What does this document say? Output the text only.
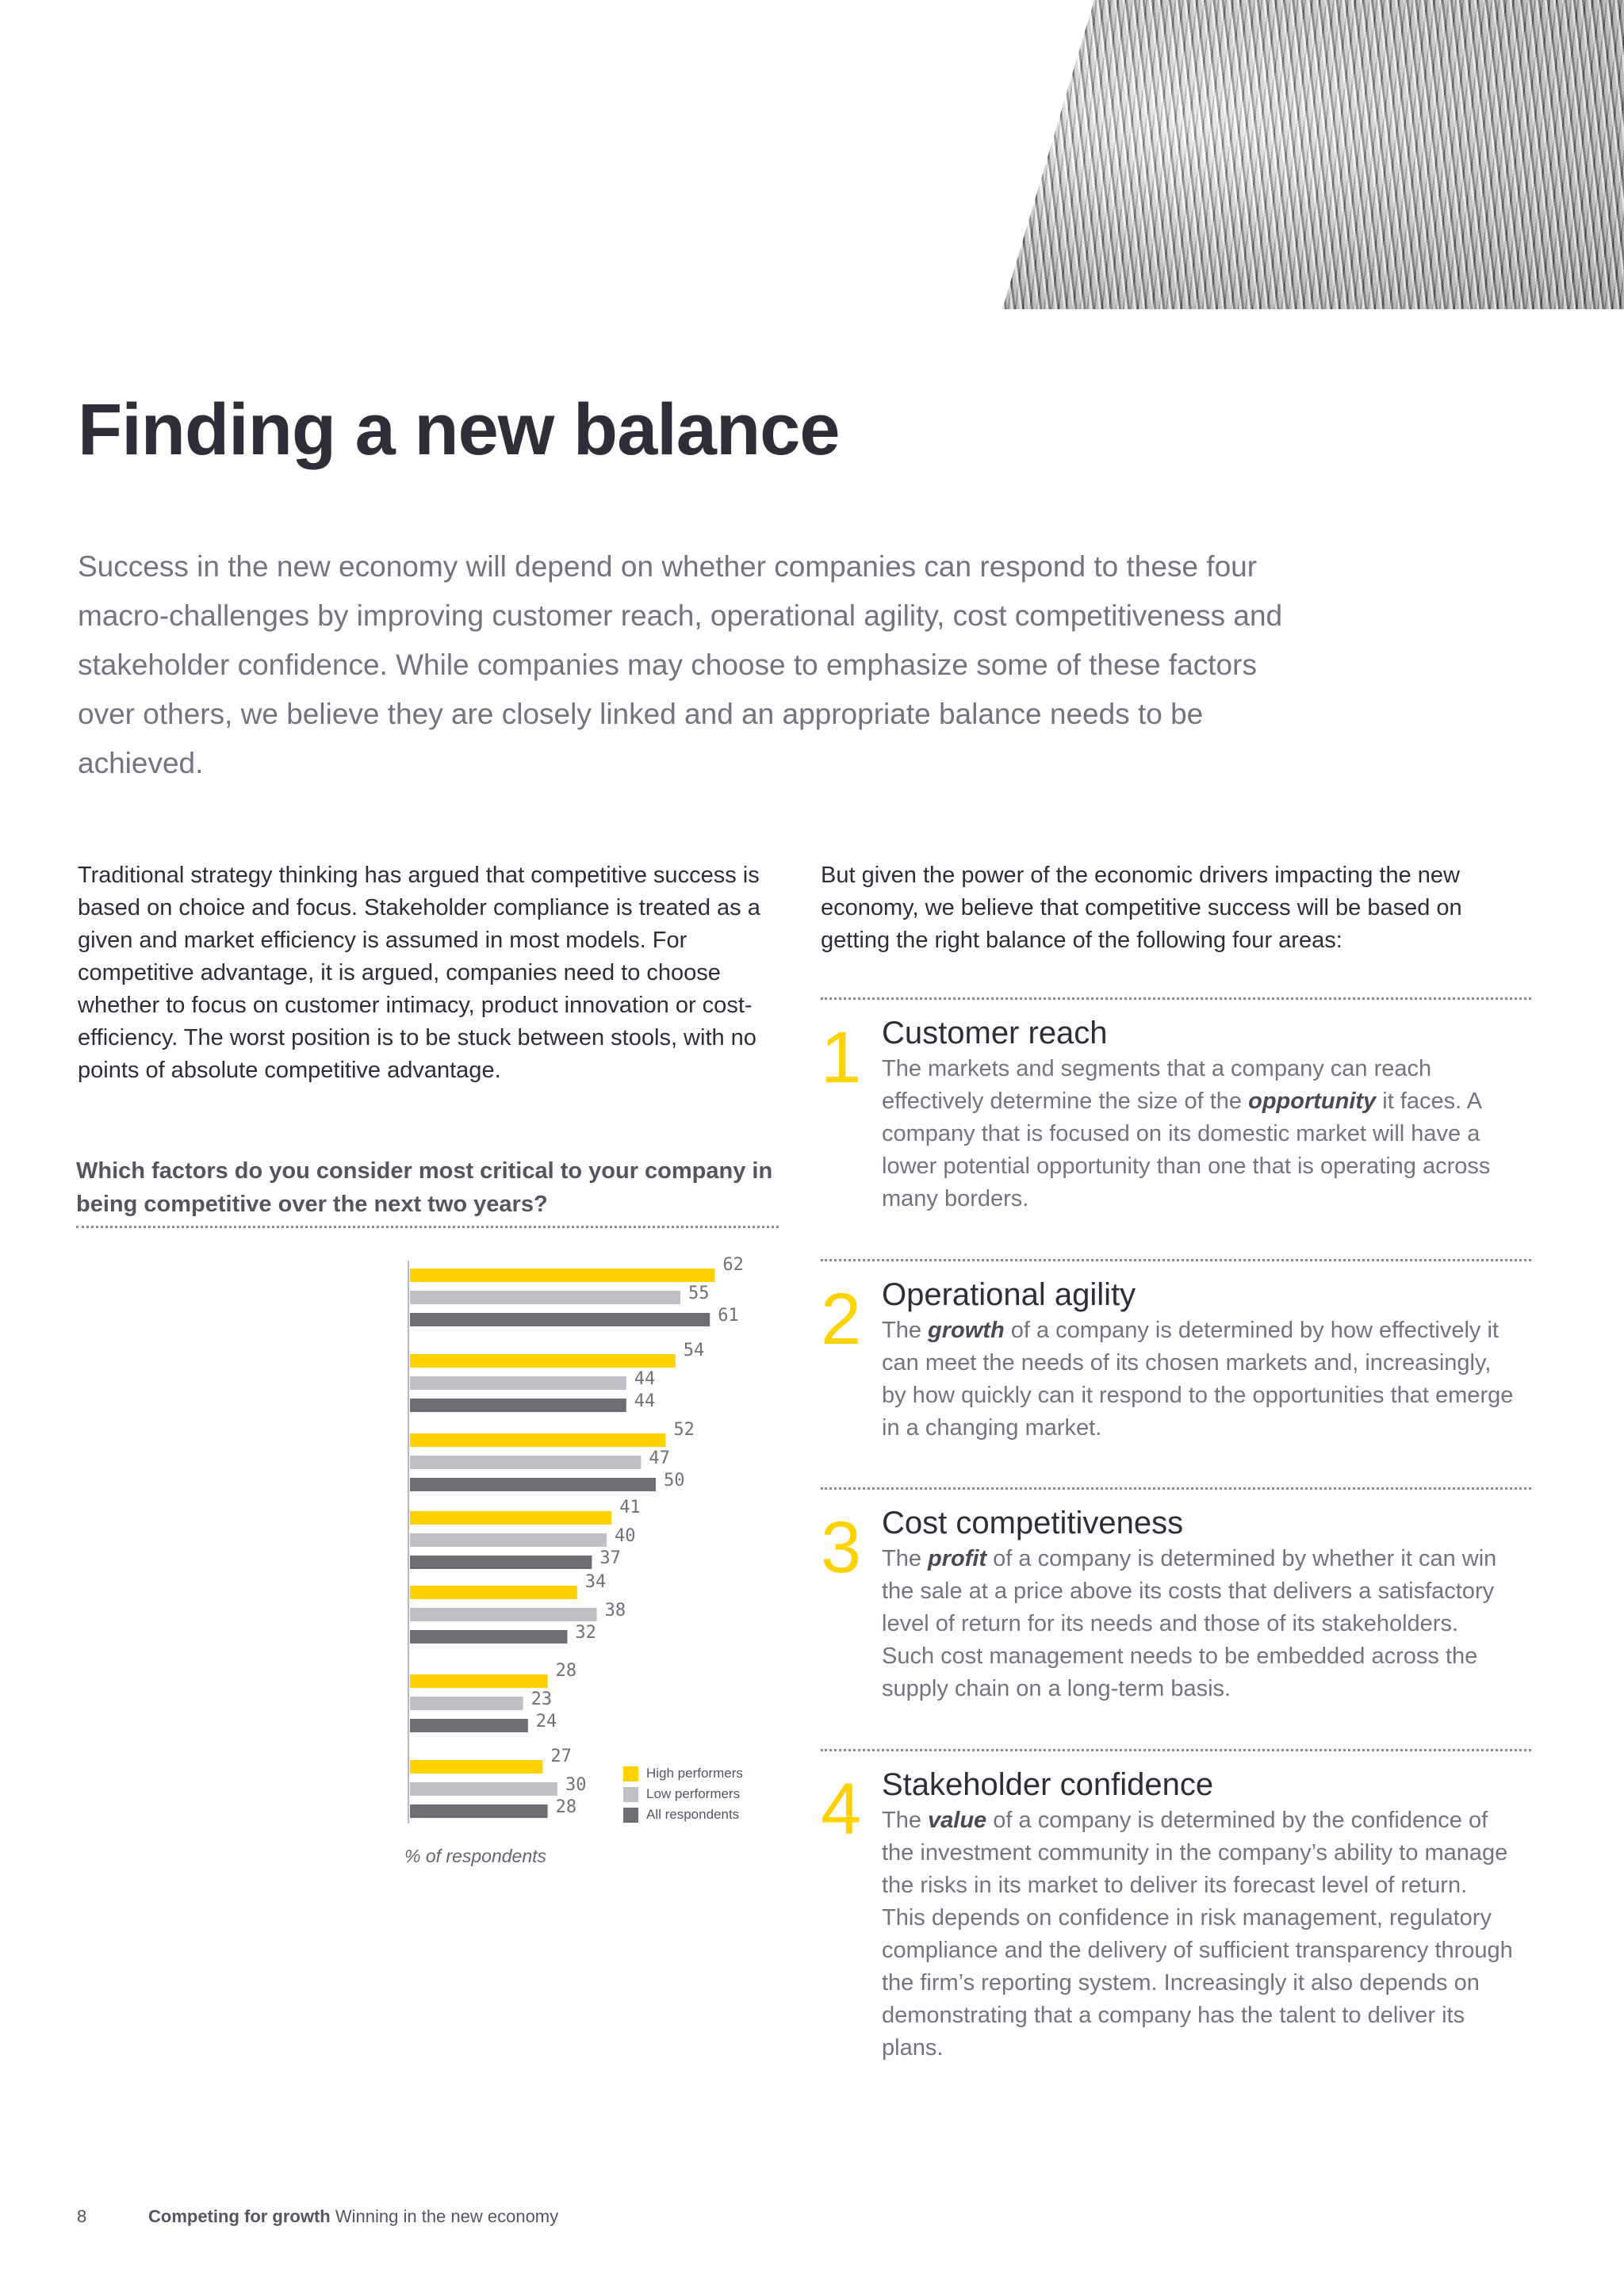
Finding a new balance
Success in the new economy will depend on whether companies can respond to these four macro-challenges by improving customer reach, operational agility, cost competitiveness and stakeholder confidence. While companies may choose to emphasize some of these factors over others, we believe they are closely linked and an appropriate balance needs to be achieved.
Traditional strategy thinking has argued that competitive success is based on choice and focus. Stakeholder compliance is treated as a given and market efficiency is assumed in most models. For competitive advantage, it is argued, companies need to choose whether to focus on customer intimacy, product innovation or cost-efficiency. The worst position is to be stuck between stools, with no points of absolute competitive advantage.
But given the power of the economic drivers impacting the new economy, we believe that competitive success will be based on getting the right balance of the following four areas:
Which factors do you consider most critical to your company in being competitive over the next two years?
62
55
61
54
44
44
52
47
50
41
40
37
34
38
32
28
23
24
27
30
28
High performers
Low performers
All respondents
% of respondents
1 Customer reach
The markets and segments that a company can reach effectively determine the size of the opportunity it faces. A company that is focused on its domestic market will have a lower potential opportunity than one that is operating across many borders.
2 Operational agility
The growth of a company is determined by how effectively it can meet the needs of its chosen markets and, increasingly, by how quickly can it respond to the opportunities that emerge in a changing market.
3 Cost competitiveness
The profit of a company is determined by whether it can win the sale at a price above its costs that delivers a satisfactory level of return for its needs and those of its stakeholders. Such cost management needs to be embedded across the supply chain on a long-term basis.
4 Stakeholder confidence
The value of a company is determined by the confidence of the investment community in the company’s ability to manage the risks in its market to deliver its forecast level of return. This depends on confidence in risk management, regulatory compliance and the delivery of sufficient transparency through the firm’s reporting system. Increasingly it also depends on demonstrating that a company has the talent to deliver its plans.
8	Competing for growth Winning in the new economy
